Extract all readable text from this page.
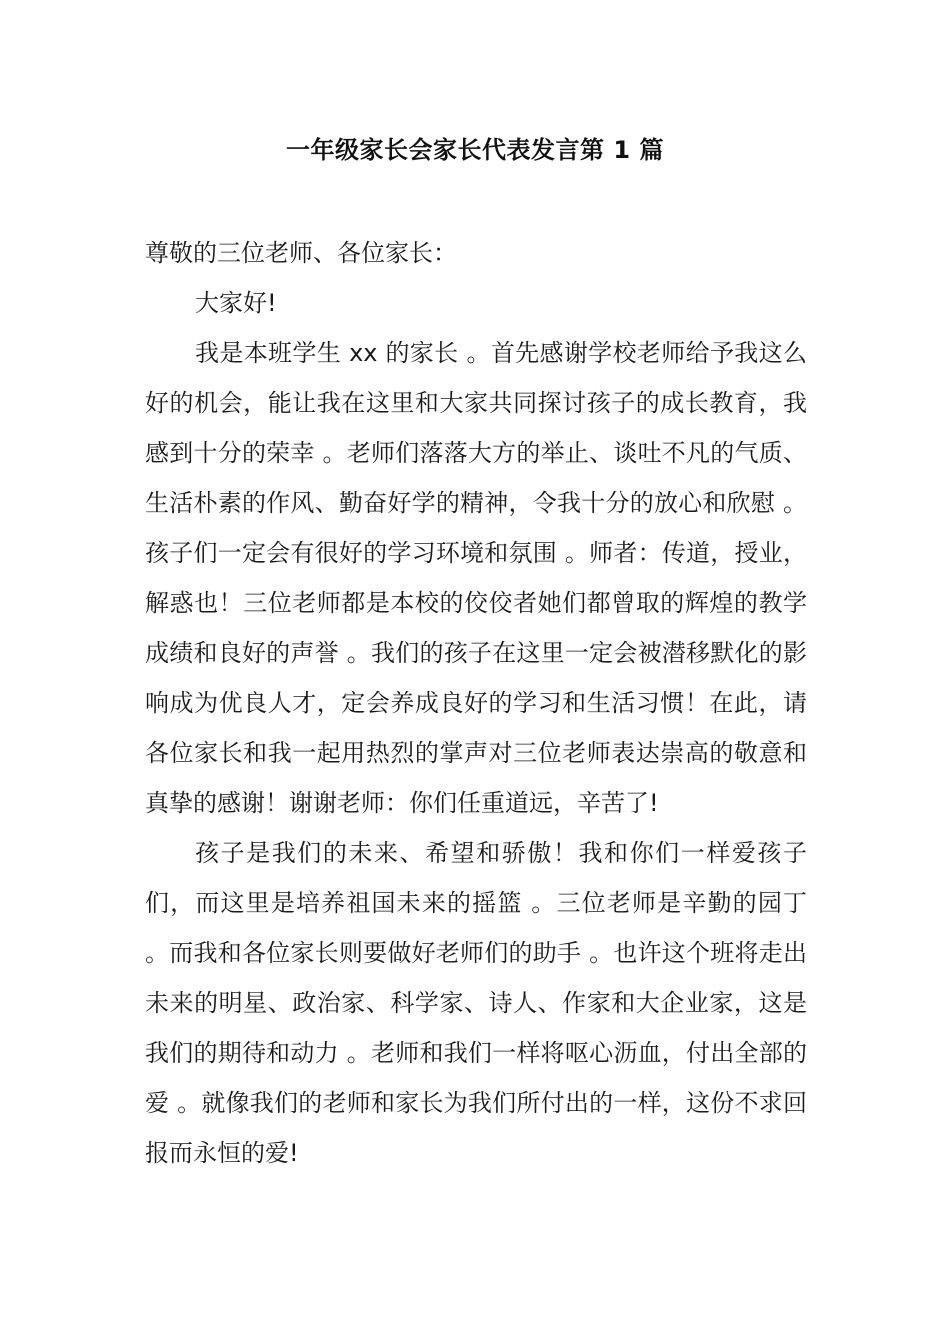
一年级家长会家长代表发言第 1 篇

尊敬的三位老师、各位家长：

大家好!

我是本班学生 xx 的家长 。首先感谢学校老师给予我这么好的机会，能让我在这里和大家共同探讨孩子的成长教育，我感到十分的荣幸 。老师们落落大方的举止、谈吐不凡的气质、生活朴素的作风、勤奋好学的精神，令我十分的放心和欣慰 。孩子们一定会有很好的学习环境和氛围 。师者：传道，授业，解惑也！三位老师都是本校的佼佼者她们都曾取的辉煌的教学成绩和良好的声誉 。我们的孩子在这里一定会被潜移默化的影响成为优良人才，定会养成良好的学习和生活习惯！在此，请各位家长和我一起用热烈的掌声对三位老师表达崇高的敬意和真挚的感谢！谢谢老师：你们任重道远，辛苦了!

孩子是我们的未来、希望和骄傲！我和你们一样爱孩子们，而这里是培养祖国未来的摇篮 。三位老师是辛勤的园丁 。而我和各位家长则要做好老师们的助手 。也许这个班将走出未来的明星、政治家、科学家、诗人、作家和大企业家，这是我们的期待和动力 。老师和我们一样将呕心沥血，付出全部的爱 。就像我们的老师和家长为我们所付出的一样，这份不求回报而永恒的爱!
